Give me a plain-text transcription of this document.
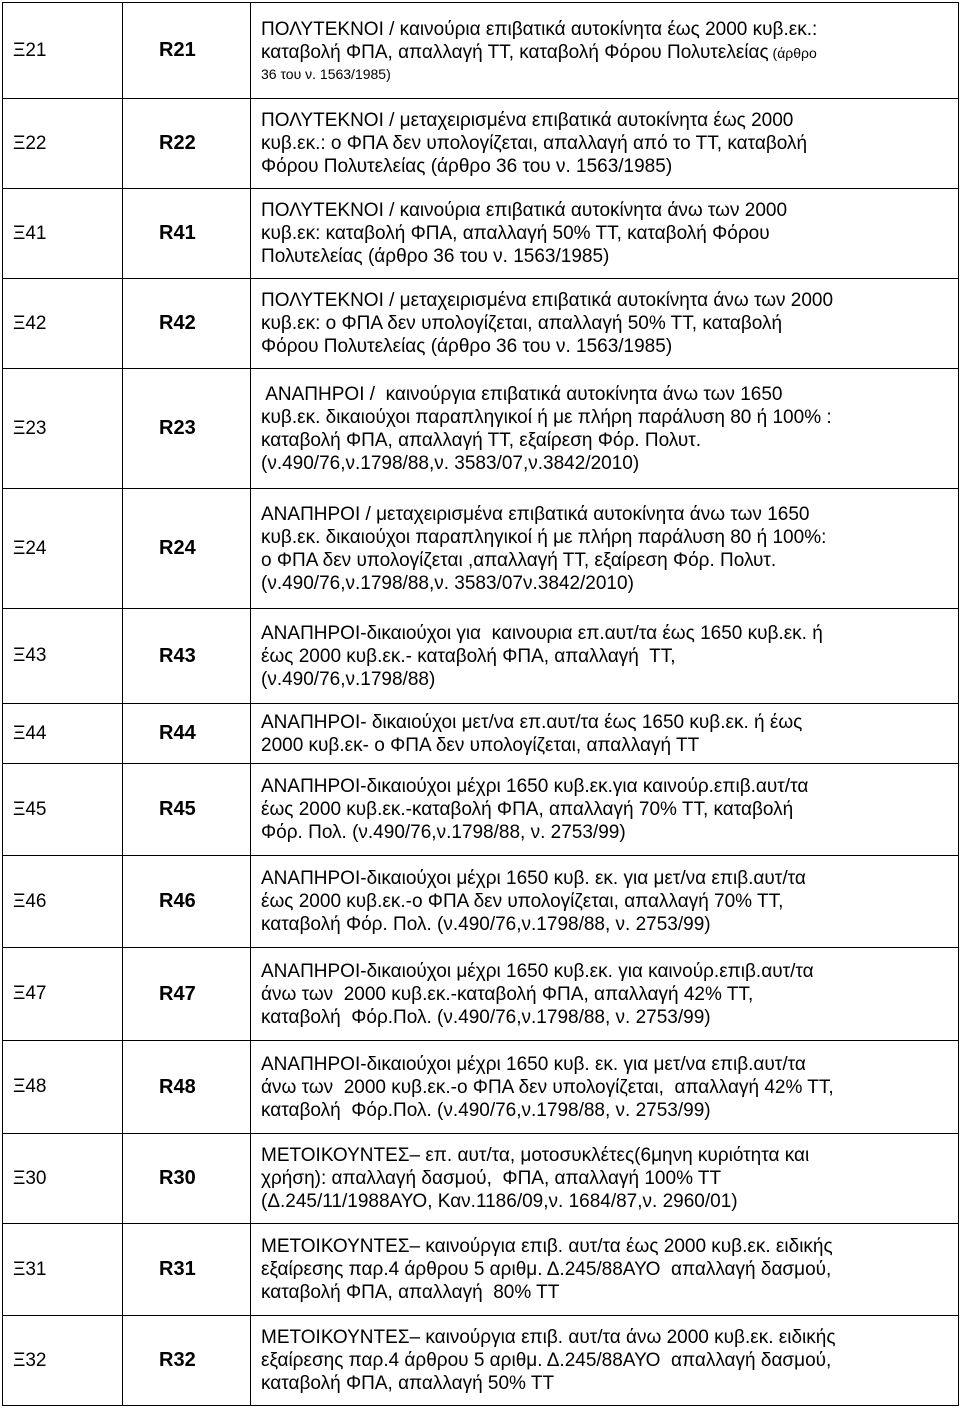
Ξ21	R21	ΠΟΛΥΤΕΚΝΟΙ / καινούρια επιβατικά αυτοκίνητα έως 2000 κυβ.εκ.:
καταβολή ΦΠΑ, απαλλαγή ΤΤ, καταβολή Φόρου Πολυτελείας (άρθρο
36 του ν. 1563/1985)

Ξ22	R22	ΠΟΛΥΤΕΚΝΟΙ / μεταχειρισμένα επιβατικά αυτοκίνητα έως 2000
κυβ.εκ.: ο ΦΠΑ δεν υπολογίζεται, απαλλαγή από το ΤΤ, καταβολή
Φόρου Πολυτελείας (άρθρο 36 του ν. 1563/1985)

Ξ41	R41	ΠΟΛΥΤΕΚΝΟΙ / καινούρια επιβατικά αυτοκίνητα άνω των 2000
κυβ.εκ: καταβολή ΦΠΑ, απαλλαγή 50% ΤΤ, καταβολή Φόρου
Πολυτελείας (άρθρο 36 του ν. 1563/1985)

Ξ42	R42	ΠΟΛΥΤΕΚΝΟΙ / μεταχειρισμένα επιβατικά αυτοκίνητα άνω των 2000
κυβ.εκ: ο ΦΠΑ δεν υπολογίζεται, απαλλαγή 50% ΤΤ, καταβολή
Φόρου Πολυτελείας (άρθρο 36 του ν. 1563/1985)

Ξ23	R23	ΑΝΑΠΗΡΟΙ /  καινούργια επιβατικά αυτοκίνητα άνω των 1650
κυβ.εκ. δικαιούχοι παραπληγικοί ή με πλήρη παράλυση 80 ή 100% :
καταβολή ΦΠΑ, απαλλαγή ΤΤ, εξαίρεση Φόρ. Πολυτ.
(ν.490/76,ν.1798/88,ν. 3583/07,ν.3842/2010)

Ξ24	R24	ΑΝΑΠΗΡΟΙ / μεταχειρισμένα επιβατικά αυτοκίνητα άνω των 1650
κυβ.εκ. δικαιούχοι παραπληγικοί ή με πλήρη παράλυση 80 ή 100%:
ο ΦΠΑ δεν υπολογίζεται ,απαλλαγή ΤΤ, εξαίρεση Φόρ. Πολυτ.
(ν.490/76,ν.1798/88,ν. 3583/07ν.3842/2010)

Ξ43	R43	ΑΝΑΠΗΡΟΙ-δικαιούχοι για  καινουρια επ.αυτ/τα έως 1650 κυβ.εκ. ή
έως 2000 κυβ.εκ.- καταβολή ΦΠΑ, απαλλαγή  ΤΤ,
(ν.490/76,ν.1798/88)

Ξ44	R44	ΑΝΑΠΗΡΟΙ- δικαιούχοι μετ/να επ.αυτ/τα έως 1650 κυβ.εκ. ή έως
2000 κυβ.εκ- ο ΦΠΑ δεν υπολογίζεται, απαλλαγή ΤΤ

Ξ45	R45	ΑΝΑΠΗΡΟΙ-δικαιούχοι μέχρι 1650 κυβ.εκ.για καινούρ.επιβ.αυτ/τα
έως 2000 κυβ.εκ.-καταβολή ΦΠΑ, απαλλαγή 70% ΤΤ, καταβολή
Φόρ. Πολ. (ν.490/76,ν.1798/88, ν. 2753/99)

Ξ46	R46	ΑΝΑΠΗΡΟΙ-δικαιούχοι μέχρι 1650 κυβ. εκ. για μετ/να επιβ.αυτ/τα
έως 2000 κυβ.εκ.-ο ΦΠΑ δεν υπολογίζεται, απαλλαγή 70% ΤΤ,
καταβολή Φόρ. Πολ. (ν.490/76,ν.1798/88, ν. 2753/99)

Ξ47	R47	ΑΝΑΠΗΡΟΙ-δικαιούχοι μέχρι 1650 κυβ.εκ. για καινούρ.επιβ.αυτ/τα
άνω των  2000 κυβ.εκ.-καταβολή ΦΠΑ, απαλλαγή 42% ΤΤ,
καταβολή  Φόρ.Πολ. (ν.490/76,ν.1798/88, ν. 2753/99)

Ξ48	R48	ΑΝΑΠΗΡΟΙ-δικαιούχοι μέχρι 1650 κυβ. εκ. για μετ/να επιβ.αυτ/τα
άνω των  2000 κυβ.εκ.-ο ΦΠΑ δεν υπολογίζεται,  απαλλαγή 42% ΤΤ,
καταβολή  Φόρ.Πολ. (ν.490/76,ν.1798/88, ν. 2753/99)

Ξ30	R30	ΜΕΤΟΙΚΟΥΝΤΕΣ– επ. αυτ/τα, μοτοσυκλέτες(6μηνη κυριότητα και
χρήση): απαλλαγή δασμού,  ΦΠΑ, απαλλαγή 100% ΤΤ
(Δ.245/11/1988ΑΥΟ, Καν.1186/09,ν. 1684/87,ν. 2960/01)

Ξ31	R31	ΜΕΤΟΙΚΟΥΝΤΕΣ– καινούργια επιβ. αυτ/τα έως 2000 κυβ.εκ. ειδικής
εξαίρεσης παρ.4 άρθρου 5 αριθμ. Δ.245/88ΑΥΟ  απαλλαγή δασμού,
καταβολή ΦΠΑ, απαλλαγή  80% ΤΤ

Ξ32	R32	ΜΕΤΟΙΚΟΥΝΤΕΣ– καινούργια επιβ. αυτ/τα άνω 2000 κυβ.εκ. ειδικής
εξαίρεσης παρ.4 άρθρου 5 αριθμ. Δ.245/88ΑΥΟ  απαλλαγή δασμού,
καταβολή ΦΠΑ, απαλλαγή 50% ΤΤ
